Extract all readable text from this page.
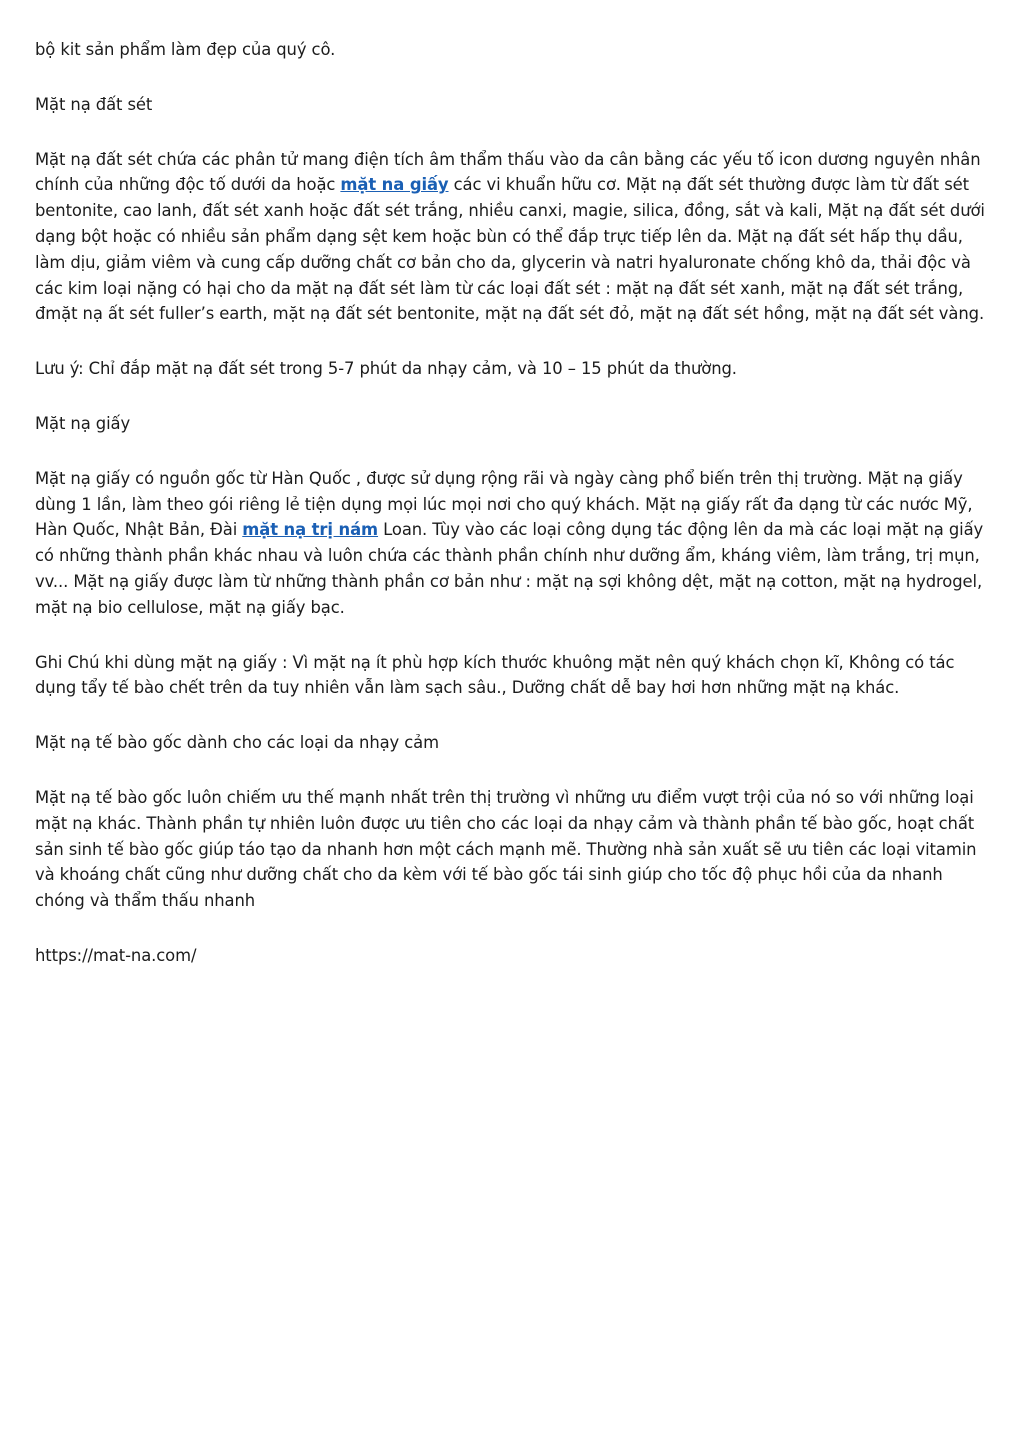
bộ kit sản phẩm làm đẹp của quý cô.

Mặt nạ đất sét

Mặt nạ đất sét chứa các phân tử mang điện tích âm thẩm thấu vào da cân bằng các yếu tố icon dương nguyên nhân chính của những độc tố dưới da hoặc mặt na giấy các vi khuẩn hữu cơ. Mặt nạ đất sét thường được làm từ đất sét bentonite, cao lanh, đất sét xanh hoặc đất sét trắng, nhiều canxi, magie, silica, đồng, sắt và kali, Mặt nạ đất sét dưới dạng bột hoặc có nhiều sản phẩm dạng sệt kem hoặc bùn có thể đắp trực tiếp lên da. Mặt nạ đất sét hấp thụ dầu, làm dịu, giảm viêm và cung cấp dưỡng chất cơ bản cho da, glycerin và natri hyaluronate chống khô da, thải độc và các kim loại nặng có hại cho da mặt nạ đất sét làm từ các loại đất sét : mặt nạ đất sét xanh, mặt nạ đất sét trắng, đmặt nạ ất sét fuller’s earth, mặt nạ đất sét bentonite, mặt nạ đất sét đỏ, mặt nạ đất sét hồng, mặt nạ đất sét vàng.

Lưu ý: Chỉ đắp mặt nạ đất sét trong 5-7 phút da nhạy cảm, và 10 – 15 phút da thường.

Mặt nạ giấy

Mặt nạ giấy có nguồn gốc từ Hàn Quốc , được sử dụng rộng rãi và ngày càng phổ biến trên thị trường. Mặt nạ giấy dùng 1 lần, làm theo gói riêng lẻ tiện dụng mọi lúc mọi nơi cho quý khách. Mặt nạ giấy rất đa dạng từ các nước Mỹ, Hàn Quốc, Nhật Bản, Đài mặt nạ trị nám Loan. Tùy vào các loại công dụng tác động lên da mà các loại mặt nạ giấy có những thành phần khác nhau và luôn chứa các thành phần chính như dưỡng ẩm, kháng viêm, làm trắng, trị mụn, vv... Mặt nạ giấy được làm từ những thành phần cơ bản như : mặt nạ sợi không dệt, mặt nạ cotton, mặt nạ hydrogel, mặt nạ bio cellulose, mặt nạ giấy bạc.

Ghi Chú khi dùng mặt nạ giấy : Vì mặt nạ ít phù hợp kích thước khuông mặt nên quý khách chọn kĩ, Không có tác dụng tẩy tế bào chết trên da tuy nhiên vẫn làm sạch sâu., Dưỡng chất dễ bay hơi hơn những mặt nạ khác.

Mặt nạ tế bào gốc dành cho các loại da nhạy cảm

Mặt nạ tế bào gốc luôn chiếm ưu thế mạnh nhất trên thị trường vì những ưu điểm vượt trội của nó so với những loại mặt nạ khác. Thành phần tự nhiên luôn được ưu tiên cho các loại da nhạy cảm và thành phần tế bào gốc, hoạt chất sản sinh tế bào gốc giúp táo tạo da nhanh hơn một cách mạnh mẽ. Thường nhà sản xuất sẽ ưu tiên các loại vitamin và khoáng chất cũng như dưỡng chất cho da kèm với tế bào gốc tái sinh giúp cho tốc độ phục hồi của da nhanh chóng và thẩm thấu nhanh

https://mat-na.com/
